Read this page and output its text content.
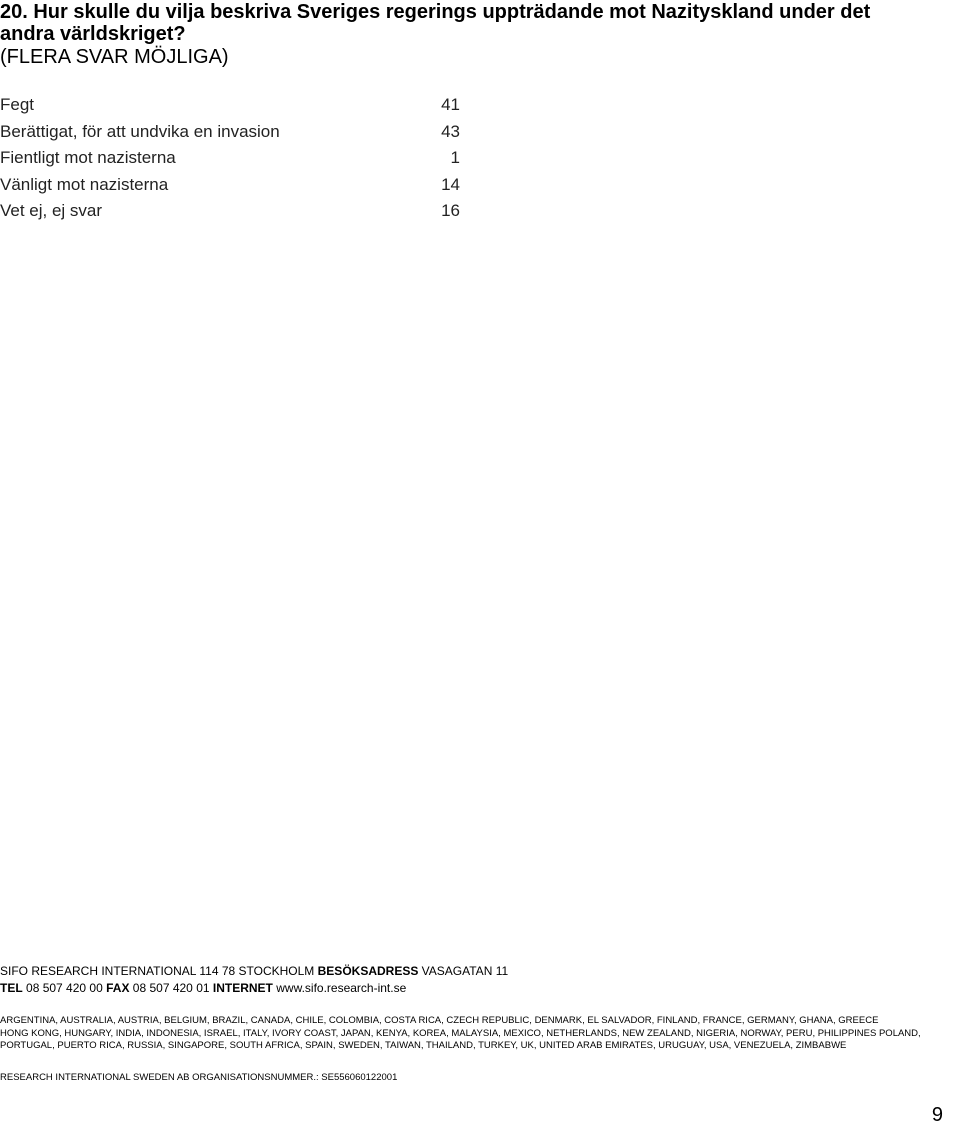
20. Hur skulle du vilja beskriva Sveriges regerings uppträdande mot Nazityskland under det andra världskriget?

(FLERA SVAR MÖJLIGA)

Fegt	41
Berättigat, för att undvika en invasion	43
Fientligt mot nazisterna	1
Vänligt mot nazisterna	14
Vet ej, ej svar	16
SIFO RESEARCH INTERNATIONAL 114 78 STOCKHOLM BESÖKSADRESS VASAGATAN 11
TEL 08 507 420 00 FAX 08 507 420 01 INTERNET www.sifo.research-int.se
ARGENTINA, AUSTRALIA, AUSTRIA, BELGIUM, BRAZIL, CANADA, CHILE, COLOMBIA, COSTA RICA, CZECH REPUBLIC, DENMARK, EL SALVADOR, FINLAND, FRANCE, GERMANY, GHANA, GREECE
HONG KONG, HUNGARY, INDIA, INDONESIA, ISRAEL, ITALY, IVORY COAST, JAPAN, KENYA, KOREA, MALAYSIA, MEXICO, NETHERLANDS, NEW ZEALAND, NIGERIA, NORWAY, PERU, PHILIPPINES POLAND,
PORTUGAL, PUERTO RICA, RUSSIA, SINGAPORE, SOUTH AFRICA, SPAIN, SWEDEN, TAIWAN, THAILAND, TURKEY, UK, UNITED ARAB EMIRATES, URUGUAY, USA, VENEZUELA, ZIMBABWE
RESEARCH INTERNATIONAL SWEDEN AB ORGANISATIONSNUMMER.: SE556060122001
9
